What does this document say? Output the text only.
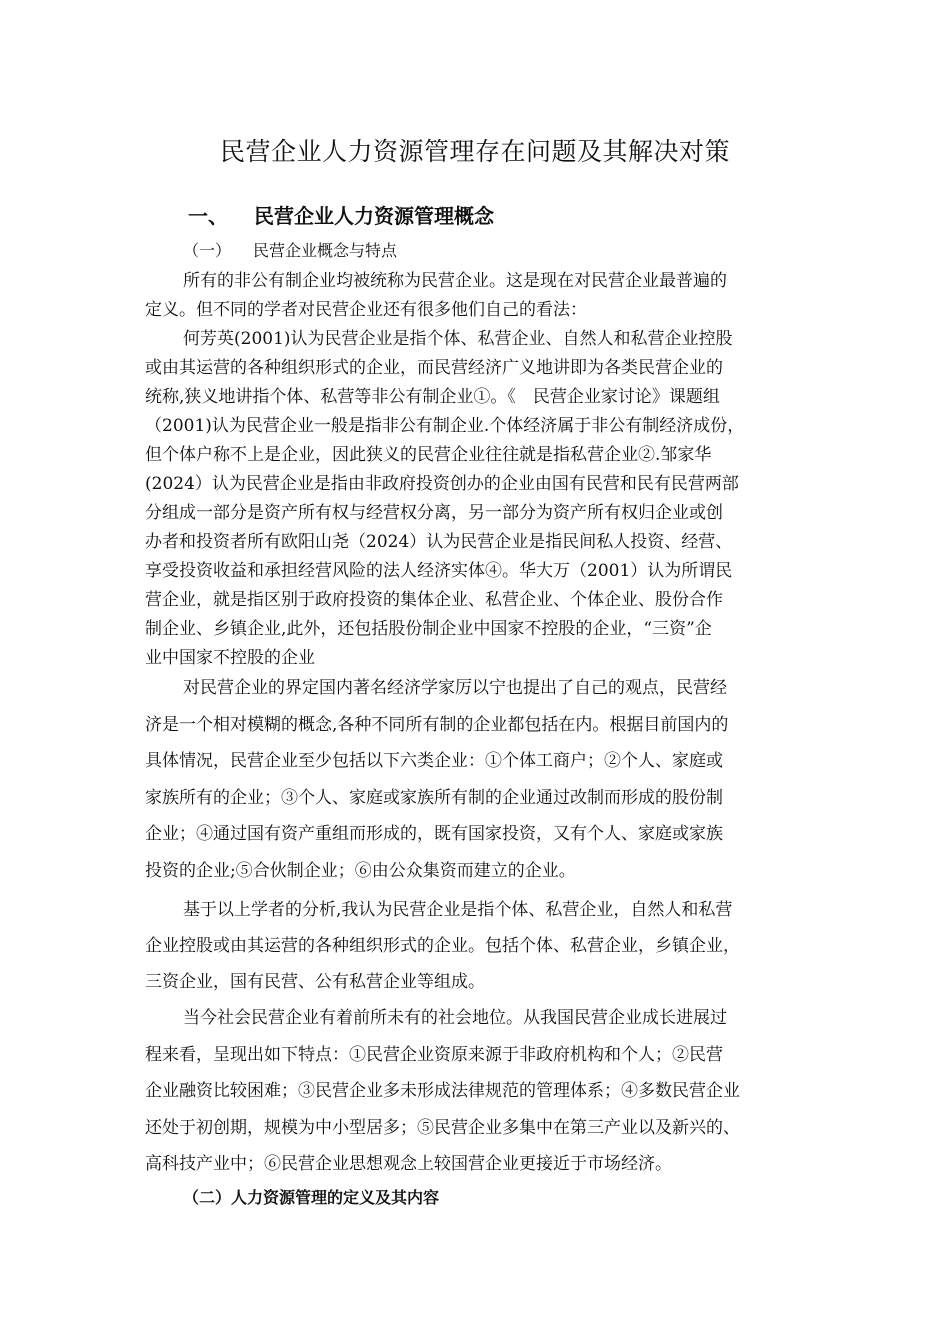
民营企业人力资源管理存在问题及其解决对策
一、 民营企业人力资源管理概念
（一） 民营企业概念与特点
所有的非公有制企业均被统称为民营企业。这是现在对民营企业最普遍的
定义。但不同的学者对民营企业还有很多他们自己的看法：
何芳英(2001)认为民营企业是指个体、私营企业、自然人和私营企业控股
或由其运营的各种组织形式的企业，而民营经济广义地讲即为各类民营企业的
统称,狭义地讲指个体、私营等非公有制企业①。《　民营企业家讨论》课题组
（2001)认为民营企业一般是指非公有制企业.个体经济属于非公有制经济成份，
但个体户称不上是企业，因此狭义的民营企业往往就是指私营企业②.邹家华
(2024）认为民营企业是指由非政府投资创办的企业由国有民营和民有民营两部
分组成一部分是资产所有权与经营权分离，另一部分为资产所有权归企业或创
办者和投资者所有欧阳山尧（2024）认为民营企业是指民间私人投资、经营、
享受投资收益和承担经营风险的法人经济实体④。华大万（2001）认为所谓民
营企业，就是指区别于政府投资的集体企业、私营企业、个体企业、股份合作
制企业、乡镇企业,此外，还包括股份制企业中国家不控股的企业，“三资”企
业中国家不控股的企业
对民营企业的界定国内著名经济学家厉以宁也提出了自己的观点，民营经
济是一个相对模糊的概念,各种不同所有制的企业都包括在内。根据目前国内的
具体情况，民营企业至少包括以下六类企业：①个体工商户；②个人、家庭或
家族所有的企业；③个人、家庭或家族所有制的企业通过改制而形成的股份制
企业；④通过国有资产重组而形成的，既有国家投资，又有个人、家庭或家族
投资的企业;⑤合伙制企业；⑥由公众集资而建立的企业。
基于以上学者的分析,我认为民营企业是指个体、私营企业，自然人和私营
企业控股或由其运营的各种组织形式的企业。包括个体、私营企业，乡镇企业，
三资企业，国有民营、公有私营企业等组成。
当今社会民营企业有着前所未有的社会地位。从我国民营企业成长进展过
程来看，呈现出如下特点：①民营企业资原来源于非政府机构和个人；②民营
企业融资比较困难；③民营企业多未形成法律规范的管理体系；④多数民营企业
还处于初创期，规模为中小型居多；⑤民营企业多集中在第三产业以及新兴的、
高科技产业中；⑥民营企业思想观念上较国营企业更接近于市场经济。
（二）人力资源管理的定义及其内容
